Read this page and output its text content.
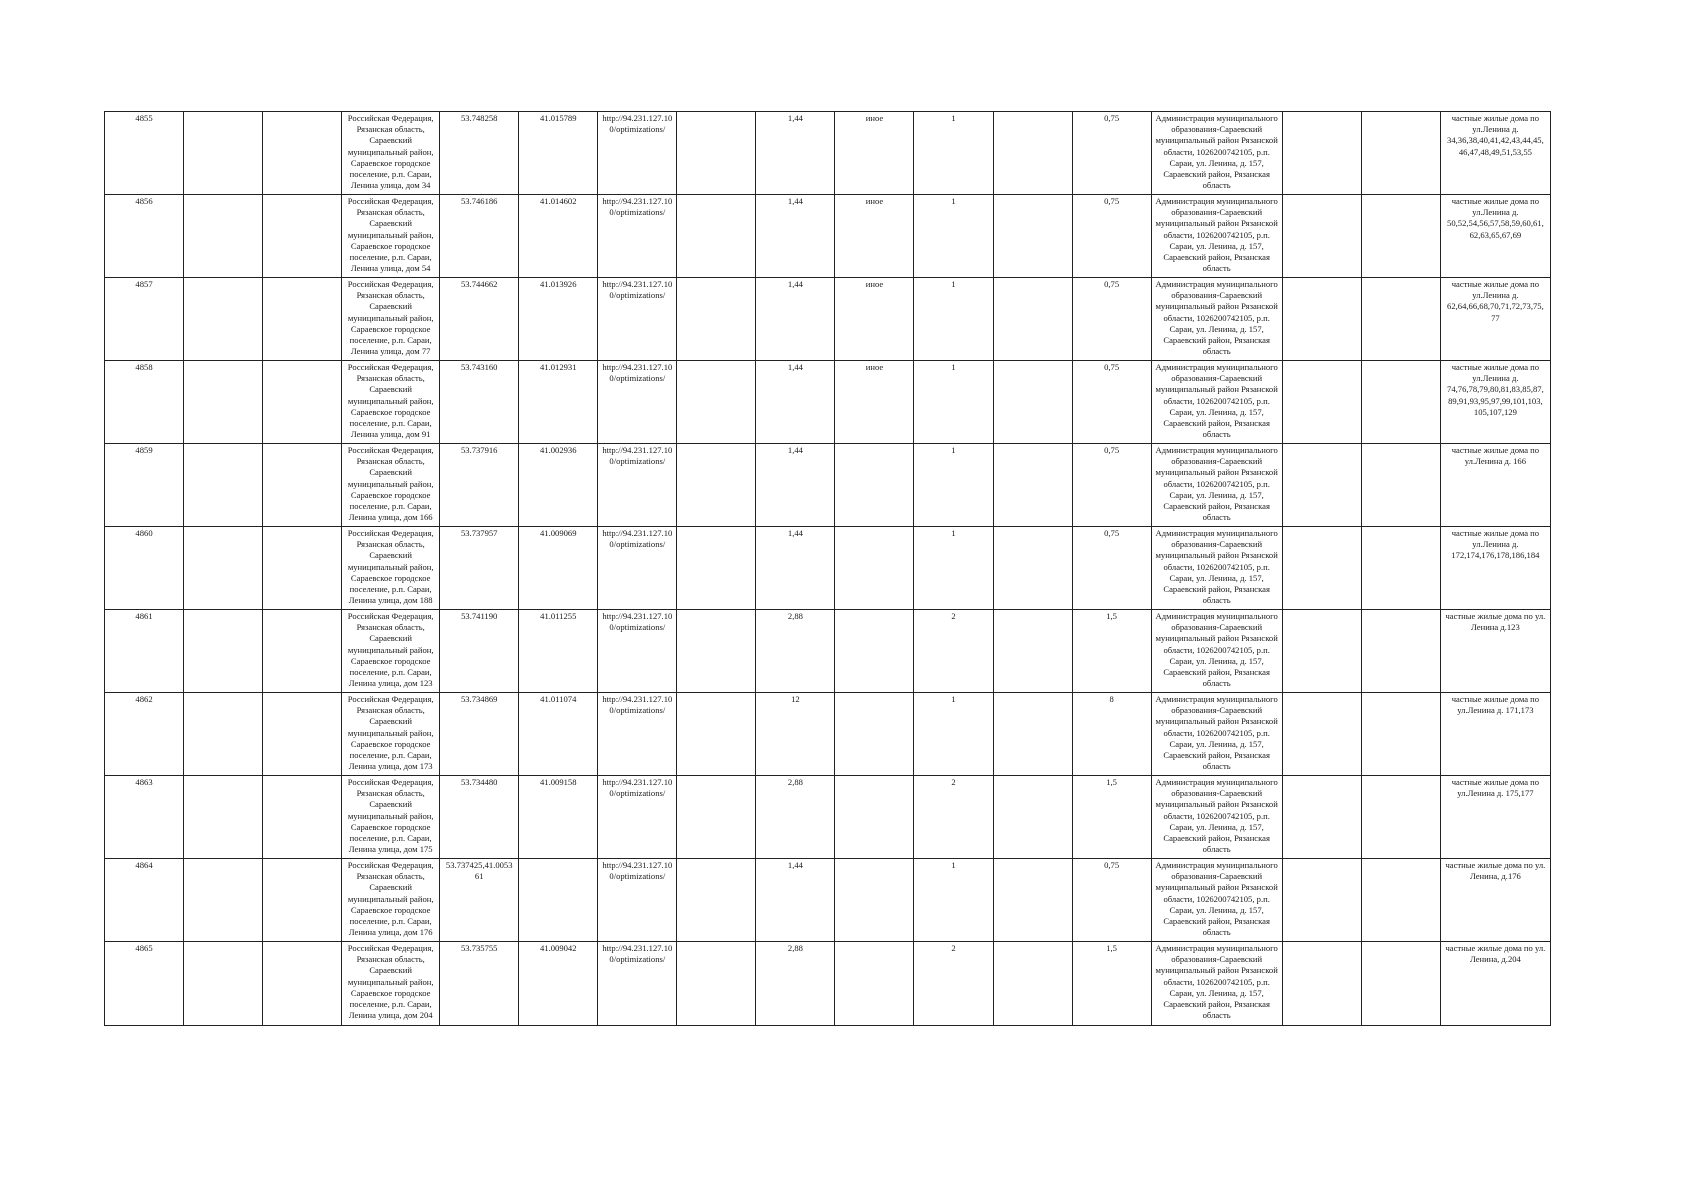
4855			Российская Федерация, Рязанская область, Сараевский муниципальный район, Сараевское городское поселение, р.п. Сараи, Ленина улица, дом 34	53.748258	41.015789	http://94.231.127.10 0/optimizations/		1,44	иное	1		0,75	Администрация муниципального образования-Сараевский муниципальный район Рязанской области, 1026200742105, р.п. Сараи, ул. Ленина, д. 157, Сараевский район, Рязанская область			частные жилые дома по ул.Ленина д. 34,36,38,40,41,42,43,44,45, 46,47,48,49,51,53,55
4856			Российская Федерация, Рязанская область, Сараевский муниципальный район, Сараевское городское поселение, р.п. Сараи, Ленина улица, дом 54	53.746186	41.014602	http://94.231.127.10 0/optimizations/		1,44	иное	1		0,75	Администрация муниципального образования-Сараевский муниципальный район Рязанской области, 1026200742105, р.п. Сараи, ул. Ленина, д. 157, Сараевский район, Рязанская область			частные жилые дома по ул.Ленина д. 50,52,54,56,57,58,59,60,61, 62,63,65,67,69
4857			Российская Федерация, Рязанская область, Сараевский муниципальный район, Сараевское городское поселение, р.п. Сараи, Ленина улица, дом 77	53.744662	41.013926	http://94.231.127.10 0/optimizations/		1,44	иное	1		0,75	Администрация муниципального образования-Сараевский муниципальный район Рязанской области, 1026200742105, р.п. Сараи, ул. Ленина, д. 157, Сараевский район, Рязанская область			частные жилые дома по ул.Ленина д. 62,64,66,68,70,71,72,73,75, 77
4858			Российская Федерация, Рязанская область, Сараевский муниципальный район, Сараевское городское поселение, р.п. Сараи, Ленина улица, дом 91	53.743160	41.012931	http://94.231.127.10 0/optimizations/		1,44	иное	1		0,75	Администрация муниципального образования-Сараевский муниципальный район Рязанской области, 1026200742105, р.п. Сараи, ул. Ленина, д. 157, Сараевский район, Рязанская область			частные жилые дома по ул.Ленина д. 74,76,78,79,80,81,83,85,87, 89,91,93,95,97,99,101,103, 105,107,129
4859			Российская Федерация, Рязанская область, Сараевский муниципальный район, Сараевское городское поселение, р.п. Сараи, Ленина улица, дом 166	53.737916	41.002936	http://94.231.127.10 0/optimizations/		1,44		1		0,75	Администрация муниципального образования-Сараевский муниципальный район Рязанской области, 1026200742105, р.п. Сараи, ул. Ленина, д. 157, Сараевский район, Рязанская область			частные жилые дома по ул.Ленина д. 166
4860			Российская Федерация, Рязанская область, Сараевский муниципальный район, Сараевское городское поселение, р.п. Сараи, Ленина улица, дом 188	53.737957	41.009069	http://94.231.127.10 0/optimizations/		1,44		1		0,75	Администрация муниципального образования-Сараевский муниципальный район Рязанской области, 1026200742105, р.п. Сараи, ул. Ленина, д. 157, Сараевский район, Рязанская область			частные жилые дома по ул.Ленина д. 172,174,176,178,186,184
4861			Российская Федерация, Рязанская область, Сараевский муниципальный район, Сараевское городское поселение, р.п. Сараи, Ленина улица, дом 123	53.741190	41.011255	http://94.231.127.10 0/optimizations/		2,88		2		1,5	Администрация муниципального образования-Сараевский муниципальный район Рязанской области, 1026200742105, р.п. Сараи, ул. Ленина, д. 157, Сараевский район, Рязанская область			частные жилые дома по ул. Ленина д.123
4862			Российская Федерация, Рязанская область, Сараевский муниципальный район, Сараевское городское поселение, р.п. Сараи, Ленина улица, дом 173	53.734869	41.011074	http://94.231.127.10 0/optimizations/		12		1		8	Администрация муниципального образования-Сараевский муниципальный район Рязанской области, 1026200742105, р.п. Сараи, ул. Ленина, д. 157, Сараевский район, Рязанская область			частные жилые дома по ул.Ленина д. 171,173
4863			Российская Федерация, Рязанская область, Сараевский муниципальный район, Сараевское городское поселение, р.п. Сараи, Ленина улица, дом 175	53.734480	41.009158	http://94.231.127.10 0/optimizations/		2,88		2		1,5	Администрация муниципального образования-Сараевский муниципальный район Рязанской области, 1026200742105, р.п. Сараи, ул. Ленина, д. 157, Сараевский район, Рязанская область			частные жилые дома по ул.Ленина д. 175,177
4864			Российская Федерация, Рязанская область, Сараевский муниципальный район, Сараевское городское поселение, р.п. Сараи, Ленина улица, дом 176	53.737425,41.0053 61		http://94.231.127.10 0/optimizations/		1,44		1		0,75	Администрация муниципального образования-Сараевский муниципальный район Рязанской области, 1026200742105, р.п. Сараи, ул. Ленина, д. 157, Сараевский район, Рязанская область			частные жилые дома по ул. Ленина, д.176
4865			Российская Федерация, Рязанская область, Сараевский муниципальный район, Сараевское городское поселение, р.п. Сараи, Ленина улица, дом 204	53.735755	41.009042	http://94.231.127.10 0/optimizations/		2,88		2		1,5	Администрация муниципального образования-Сараевский муниципальный район Рязанской области, 1026200742105, р.п. Сараи, ул. Ленина, д. 157, Сараевский район, Рязанская область			частные жилые дома по ул. Ленина, д.204
